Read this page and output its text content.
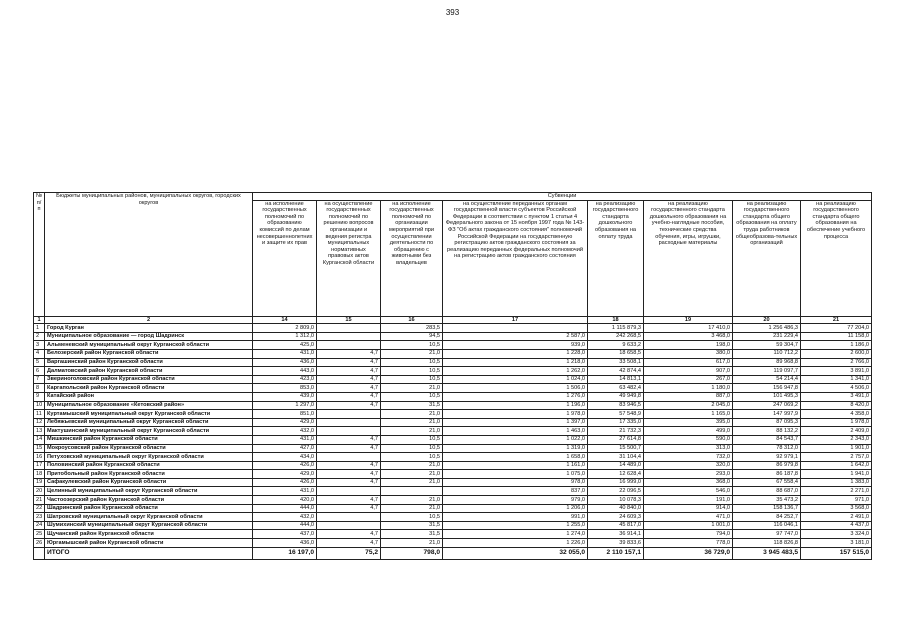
393
№ п/п	Бюджеты муниципальных районов, муниципальных округов, городских округов	Субвенции							
		на исполнение государственных полномочий по образованию комиссий по делам несовершеннолетних и защите их прав	на осуществление государственных полномочий по решению вопросов организации и ведения регистра муниципальных нормативных правовых актов Курганской области	на исполнение государственных полномочий по организации мероприятий при осуществлении деятельности по обращению с животными без владельцев	на осуществление переданных органам государственной власти субъектов Российской Федерации в соответствии с пунктом 1 статьи 4 Федерального закона от 15 ноября 1997 года № 143-ФЗ "Об актах гражданского состояния" полномочий Российской Федерации на государственную регистрацию актов гражданского состояния за реализацию переданных федеральных полномочий на регистрацию актов гражданского состояния	на реализацию государственного стандарта дошкольного образования на оплату труда	на реализацию государственного стандарта дошкольного образования на учебно-наглядные пособия, технические средства обучения, игры, игрушки, расходные материалы	на реализацию государственного стандарта общего образования на оплату труда работников общеобразова-тельных организаций	на реализацию государственного стандарта общего образования на обеспечение учебного процесса
1	2	14	15	16	17	18	19	20	21
1	Город Курган	2 809,0		283,5		1 115 879,3	17 410,0	1 256 486,3	77 204,0
2	Муниципальное образование — город Шадринск	1 312,0		94,5	2 587,0	242 268,5	3 468,0	231 229,4	11 158,0
3	Альменевский муниципальный округ Курганской области	425,0		10,5	939,0	9 633,2	198,0	59 304,7	1 186,0
4	Белозерский район Курганской области	431,0	4,7	21,0	1 228,0	18 658,5	380,0	110 712,2	2 600,0
5	Варгашинский район Курганской области	436,0	4,7	10,5	1 218,0	33 508,1	617,0	89 968,8	2 766,0
6	Далматовский район Курганской области	443,0	4,7	10,5	1 262,0	42 874,4	907,0	119 097,7	3 891,0
7	Звериноголовский район Курганской области	423,0	4,7	10,5	1 024,0	14 813,1	267,0	54 214,4	1 341,0
8	Каргапольский район Курганской области	853,0	4,7	21,0	1 506,0	63 482,4	1 180,0	156 947,8	4 506,0
9	Катайский район	439,0	4,7	10,5	1 276,0	49 949,8	887,0	101 495,3	3 491,0
10	Муниципальное образование «Кетовский район»	1 297,0	4,7	31,5	1 196,0	83 946,5	2 045,0	247 069,2	8 420,0
11	Куртамышский муниципальный округ Курганской области	851,0		21,0	1 978,0	57 548,9	1 165,0	147 997,9	4 358,0
12	Лебяжьевский муниципальный округ Курганской области	429,0		21,0	1 397,0	17 335,0	395,0	87 095,3	1 978,0
13	Мактушинский муниципальный округ Курганской области	432,0		21,0	1 463,0	21 732,3	499,0	88 132,2	2 409,0
14	Мишкинский район Курганской области	431,0	4,7	10,5	1 022,0	27 614,8	590,0	84 543,7	2 343,0
15	Мокроусовский район Курганской области	427,0	4,7	10,5	1 319,0	15 500,7	313,0	78 312,0	1 901,0
16	Петуховский муниципальный округ Курганской области	434,0		10,5	1 658,0	31 104,4	732,0	92 979,1	2 757,0
17	Половинский район Курганской области	426,0	4,7	21,0	1 161,0	14 489,0	320,0	86 979,8	1 642,0
18	Притобольный район Курганской области	429,0	4,7	21,0	1 075,0	12 628,4	293,0	86 187,8	1 941,0
19	Сафакулевский район Курганской области	426,0	4,7	21,0	978,0	16 999,0	368,0	67 558,4	1 383,0
20	Целинный муниципальный округ Курганской области	431,0			837,0	22 096,5	546,0	88 687,0	2 271,0
21	Частоозерский район Курганской области	420,0	4,7	21,0	979,0	10 078,3	191,0	35 473,2	971,0
22	Шадринский район Курганской области	444,0	4,7	21,0	1 206,0	40 840,0	914,0	158 136,7	3 568,0
23	Шатровский муниципальный округ Курганской области	432,0		10,5	991,0	24 609,3	471,0	84 252,7	2 491,0
24	Шумихинский муниципальный округ Курганской области	444,0		31,5	1 255,0	45 817,0	1 001,0	116 046,1	4 437,0
25	Щучанский район Курганской области	437,0	4,7	31,5	1 274,0	36 914,1	794,0	97 747,0	3 324,0
26	Юргамышский район Курганской области	436,0	4,7	21,0	1 226,0	39 833,6	778,0	118 826,8	3 181,0
	ИТОГО	16 197,0	75,2	798,0	32 055,0	2 110 157,1	36 729,0	3 945 483,5	157 515,0
